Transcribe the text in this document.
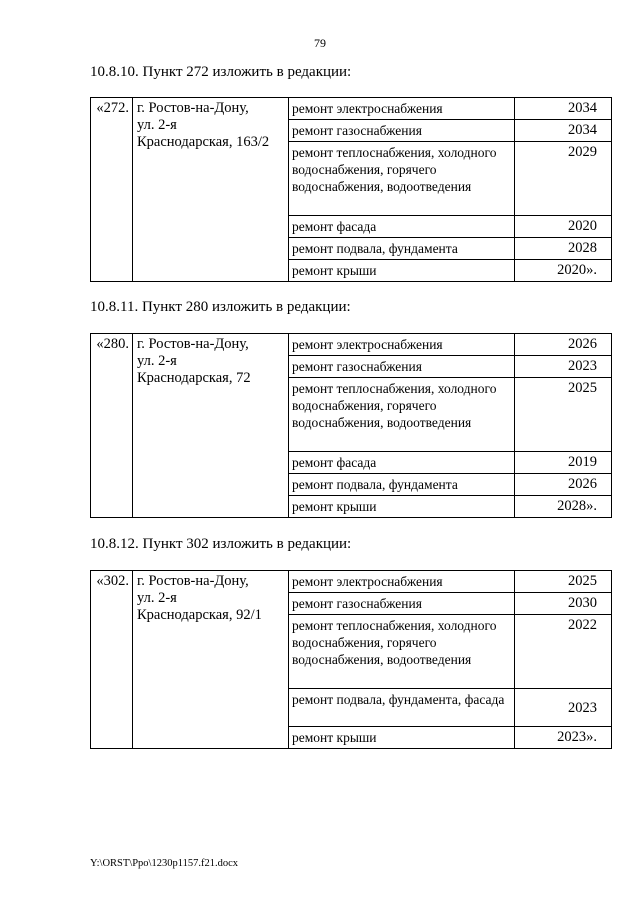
79
10.8.10. Пункт 272 изложить в редакции:
«272.	г. Ростов-на-Дону,
ул. 2-я
Краснодарская, 163/2	ремонт электроснабжения	2034
		ремонт газоснабжения	2034
		ремонт теплоснабжения, холодного водоснабжения, горячего водоснабжения, водоотведения	2029
		ремонт фасада	2020
		ремонт подвала, фундамента	2028
		ремонт крыши	2020».
10.8.11. Пункт 280 изложить в редакции:
«280.	г. Ростов-на-Дону,
ул. 2-я
Краснодарская, 72	ремонт электроснабжения	2026
		ремонт газоснабжения	2023
		ремонт теплоснабжения, холодного водоснабжения, горячего водоснабжения, водоотведения	2025
		ремонт фасада	2019
		ремонт подвала, фундамента	2026
		ремонт крыши	2028».
10.8.12. Пункт 302 изложить в редакции:
«302.	г. Ростов-на-Дону,
ул. 2-я
Краснодарская, 92/1	ремонт электроснабжения	2025
		ремонт газоснабжения	2030
		ремонт теплоснабжения, холодного водоснабжения, горячего водоснабжения, водоотведения	2022
		ремонт подвала, фундамента, фасада	2023
		ремонт крыши	2023».
Y:\ORST\Ppo\1230p1157.f21.docx
